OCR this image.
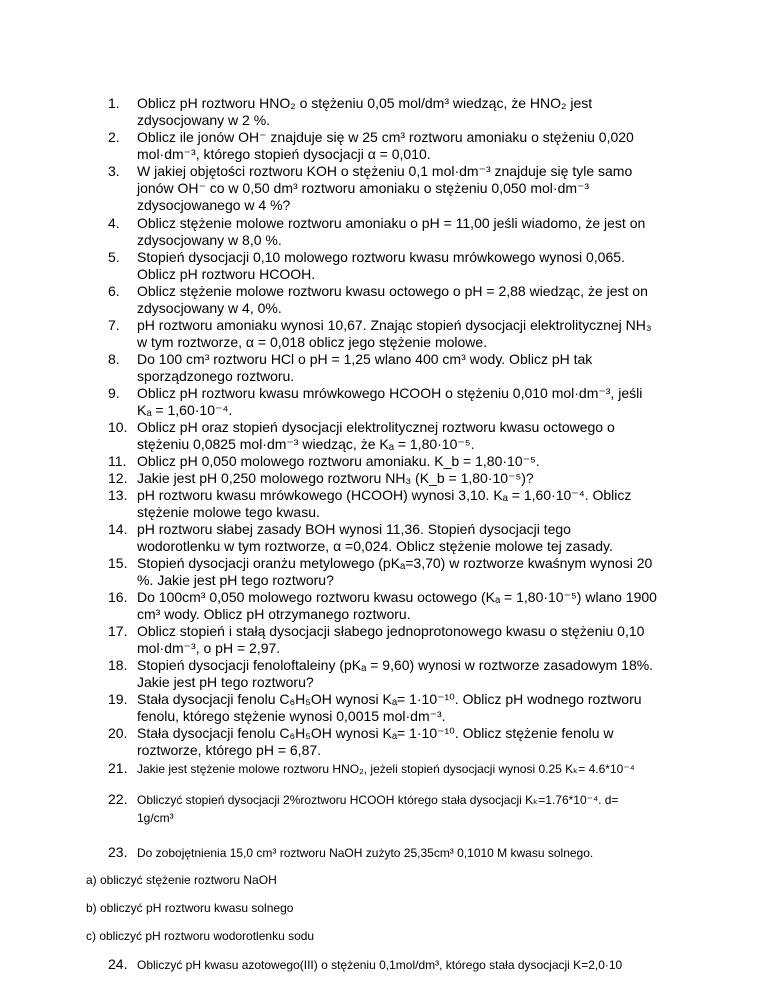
1.	Oblicz pH roztworu HNO₂ o stężeniu 0,05 mol/dm³ wiedząc, że HNO₂ jest zdysocjowany w 2 %.
2.	Oblicz ile jonów OH⁻ znajduje się w 25 cm³ roztworu amoniaku o stężeniu 0,020 mol·dm⁻³, którego stopień dysocjacji α = 0,010.
3.	W jakiej objętości roztworu KOH o stężeniu 0,1 mol·dm⁻³ znajduje się tyle samo jonów OH⁻ co w 0,50 dm³ roztworu amoniaku o stężeniu 0,050 mol·dm⁻³ zdysocjowanego w 4 %?
4.	Oblicz stężenie molowe roztworu amoniaku o pH = 11,00 jeśli wiadomo, że jest on zdysocjowany w 8,0 %.
5.	Stopień dysocjacji 0,10 molowego roztworu kwasu mrówkowego wynosi 0,065. Oblicz pH roztworu HCOOH.
6.	Oblicz stężenie molowe roztworu kwasu octowego o pH = 2,88 wiedząc, że jest on zdysocjowany w 4, 0%.
7.	pH roztworu amoniaku wynosi 10,67. Znając stopień dysocjacji elektrolitycznej NH₃ w tym roztworze, α = 0,018 oblicz jego stężenie molowe.
8.	Do 100 cm³ roztworu HCl o pH = 1,25 wlano 400 cm³ wody. Oblicz pH tak sporządzonego roztworu.
9.	Oblicz pH roztworu kwasu mrówkowego HCOOH o stężeniu 0,010 mol·dm⁻³, jeśli Kₐ = 1,60·10⁻⁴.
10. Oblicz pH oraz stopień dysocjacji elektrolitycznej roztworu kwasu octowego o stężeniu 0,0825 mol·dm⁻³ wiedząc, że Kₐ = 1,80·10⁻⁵.
11. Oblicz pH 0,050 molowego roztworu amoniaku. K_b = 1,80·10⁻⁵.
12. Jakie jest pH 0,250 molowego roztworu NH₃ (K_b = 1,80·10⁻⁵)?
13. pH roztworu kwasu mrówkowego (HCOOH) wynosi 3,10. Kₐ = 1,60·10⁻⁴. Oblicz stężenie molowe tego kwasu.
14. pH roztworu słabej zasady BOH wynosi 11,36. Stopień dysocjacji tego wodorotlenku w tym roztworze, α =0,024. Oblicz stężenie molowe tej zasady.
15. Stopień dysocjacji oranżu metylowego (pKₐ=3,70) w roztworze kwaśnym wynosi 20 %. Jakie jest pH tego roztworu?
16. Do 100cm³ 0,050 molowego roztworu kwasu octowego (Kₐ = 1,80·10⁻⁵) wlano 1900 cm³ wody. Oblicz pH otrzymanego roztworu.
17. Oblicz stopień i stałą dysocjacji słabego jednoprotonowego kwasu o stężeniu 0,10 mol·dm⁻³, o pH = 2,97.
18. Stopień dysocjacji fenoloftaleiny (pKₐ = 9,60) wynosi w roztworze zasadowym 18%. Jakie jest pH tego roztworu?
19. Stała dysocjacji fenolu C₆H₅OH wynosi Kₐ= 1·10⁻¹⁰. Oblicz pH wodnego roztworu fenolu, którego stężenie wynosi 0,0015 mol·dm⁻³.
20. Stała dysocjacji fenolu C₆H₅OH wynosi Kₐ= 1·10⁻¹⁰. Oblicz stężenie fenolu w roztworze, którego pH = 6,87.
21. Jakie jest stężenie molowe roztworu HNO₂, jeżeli stopień dysocjacji wynosi 0.25 Kₖ= 4.6*10⁻⁴
22. Obliczyć stopień dysocjacji 2%roztworu HCOOH którego stała dysocjacji Kₖ=1.76*10⁻⁴. d= 1g/cm³
23. Do zobojętnienia 15,0 cm³ roztworu NaOH zużyto 25,35cm³ 0,1010 M kwasu solnego.
24. Obliczyć pH kwasu azotowego(III) o stężeniu 0,1mol/dm³, którego stała dysocjacji K=2,0·10
a) obliczyć stężenie roztworu NaOH
b) obliczyć pH roztworu kwasu solnego
c) obliczyć pH roztworu wodorotlenku sodu
